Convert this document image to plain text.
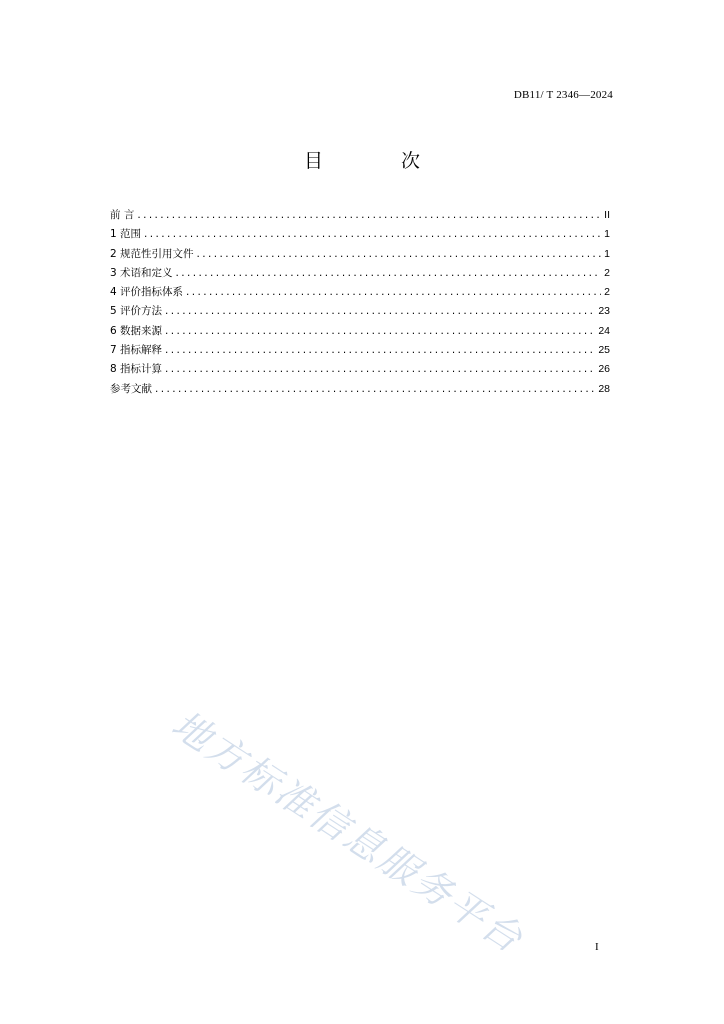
DB11/ T 2346—2024
目 次
前 言 .....	II
1 范围 .....	1
2 规范性引用文件 .....	1
3 术语和定义 .....	2
4 评价指标体系 .....	2
5 评价方法 .....	23
6 数据来源 .....	24
7 指标解释 .....	25
8 指标计算 .....	26
参考文献 .....	28
地方标准信息服务平台	I
